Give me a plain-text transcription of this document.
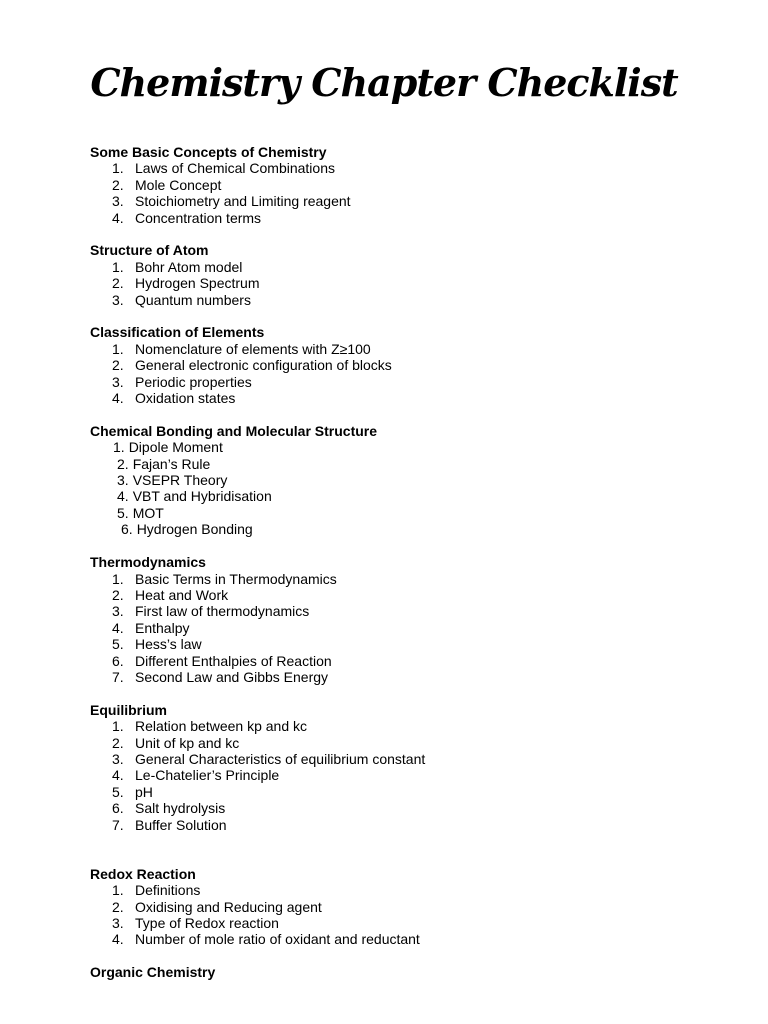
Chemistry Chapter Checklist
Some Basic Concepts of Chemistry
1. Laws of Chemical Combinations
2. Mole Concept
3. Stoichiometry and Limiting reagent
4. Concentration terms
Structure of Atom
1. Bohr Atom model
2. Hydrogen Spectrum
3. Quantum numbers
Classification of Elements
1. Nomenclature of elements with Z≥100
2. General electronic configuration of blocks
3. Periodic properties
4. Oxidation states
Chemical Bonding and Molecular Structure
1. Dipole Moment
2. Fajan’s Rule
3. VSEPR Theory
4. VBT and Hybridisation
5. MOT
6. Hydrogen Bonding
Thermodynamics
1. Basic Terms in Thermodynamics
2. Heat and Work
3. First law of thermodynamics
4. Enthalpy
5. Hess’s law
6. Different Enthalpies of Reaction
7. Second Law and Gibbs Energy
Equilibrium
1. Relation between kp and kc
2. Unit of kp and kc
3. General Characteristics of equilibrium constant
4. Le-Chatelier’s Principle
5. pH
6. Salt hydrolysis
7. Buffer Solution
Redox Reaction
1. Definitions
2. Oxidising and Reducing agent
3. Type of Redox reaction
4. Number of mole ratio of oxidant and reductant
Organic Chemistry
